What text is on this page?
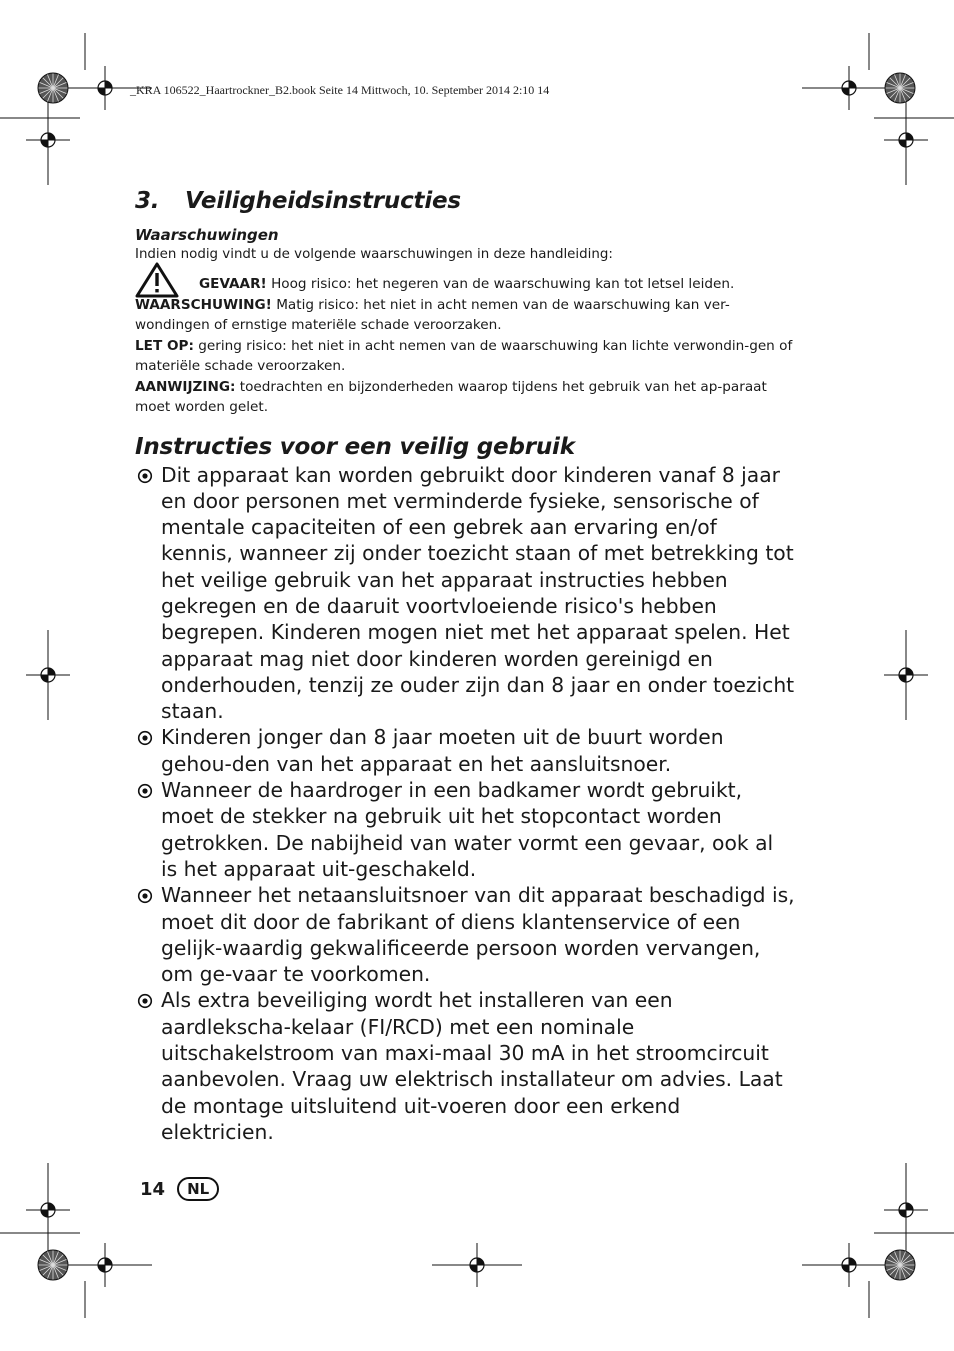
_KRA 106522_Haartrockner_B2.book Seite 14 Mittwoch, 10. September 2014 2:10 14
3. Veiligheidsinstructies
Waarschuwingen
Indien nodig vindt u de volgende waarschuwingen in deze handleiding:
GEVAAR! Hoog risico: het negeren van de waarschuwing kan tot letsel leiden.
WAARSCHUWING! Matig risico: het niet in acht nemen van de waarschuwing kan ver-wondingen of ernstige materiële schade veroorzaken.
LET OP: gering risico: het niet in acht nemen van de waarschuwing kan lichte verwondin-gen of materiële schade veroorzaken.
AANWIJZING: toedrachten en bijzonderheden waarop tijdens het gebruik van het ap-paraat moet worden gelet.
Instructies voor een veilig gebruik
Dit apparaat kan worden gebruikt door kinderen vanaf 8 jaar en door personen met verminderde fysieke, sensorische of mentale capaciteiten of een gebrek aan ervaring en/of kennis, wanneer zij onder toezicht staan of met betrekking tot het veilige gebruik van het apparaat instructies hebben gekregen en de daaruit voortvloeiende risico's hebben begrepen. Kinderen mogen niet met het apparaat spelen. Het apparaat mag niet door kinderen worden gereinigd en onderhouden, tenzij ze ouder zijn dan 8 jaar en onder toezicht staan.
Kinderen jonger dan 8 jaar moeten uit de buurt worden gehou-den van het apparaat en het aansluitsnoer.
Wanneer de haardroger in een badkamer wordt gebruikt, moet de stekker na gebruik uit het stopcontact worden getrokken. De nabijheid van water vormt een gevaar, ook al is het apparaat uit-geschakeld.
Wanneer het netaansluitsnoer van dit apparaat beschadigd is, moet dit door de fabrikant of diens klantenservice of een gelijk-waardig gekwalificeerde persoon worden vervangen, om ge-vaar te voorkomen.
Als extra beveiliging wordt het installeren van een aardlekscha-kelaar (FI/RCD) met een nominale uitschakelstroom van maxi-maal 30 mA in het stroomcircuit aanbevolen. Vraag uw elektrisch installateur om advies. Laat de montage uitsluitend uit-voeren door een erkend elektricien.
14	NL
